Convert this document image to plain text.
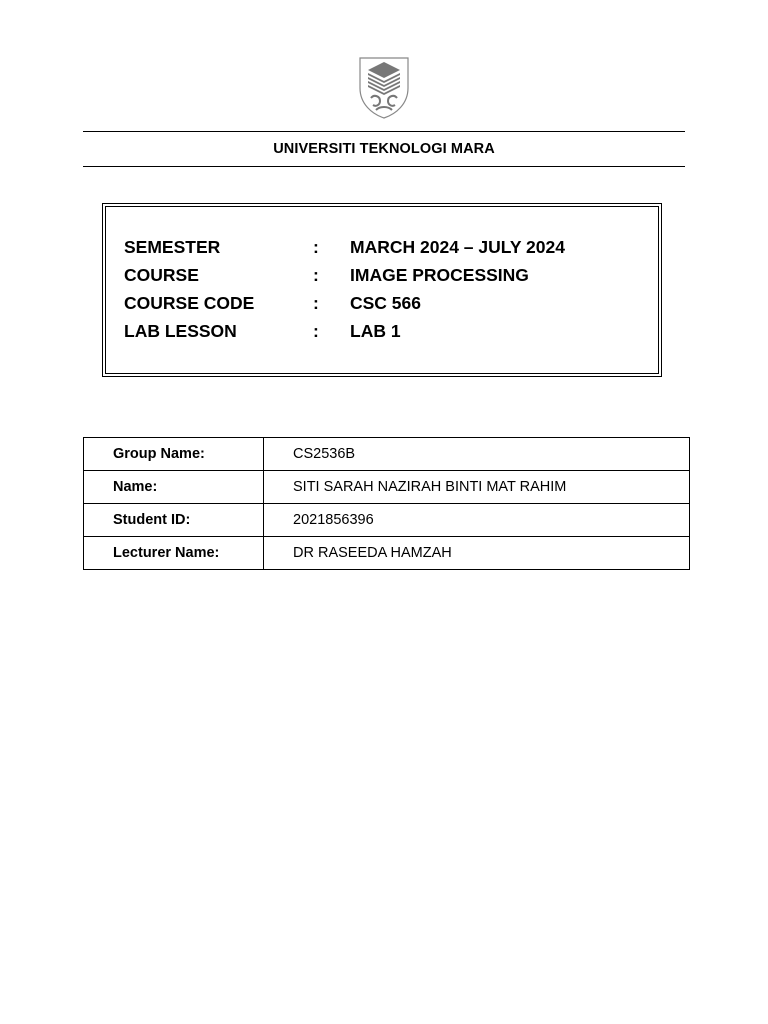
UNIVERSITI TEKNOLOGI MARA
SEMESTER	: MARCH 2024 – JULY 2024
COURSE	: IMAGE PROCESSING
COURSE CODE	: CSC 566
LAB LESSON	: LAB 1
Group Name:	CS2536B
Name:	SITI SARAH NAZIRAH BINTI MAT RAHIM
Student ID:	2021856396
Lecturer Name:	DR RASEEDA HAMZAH
